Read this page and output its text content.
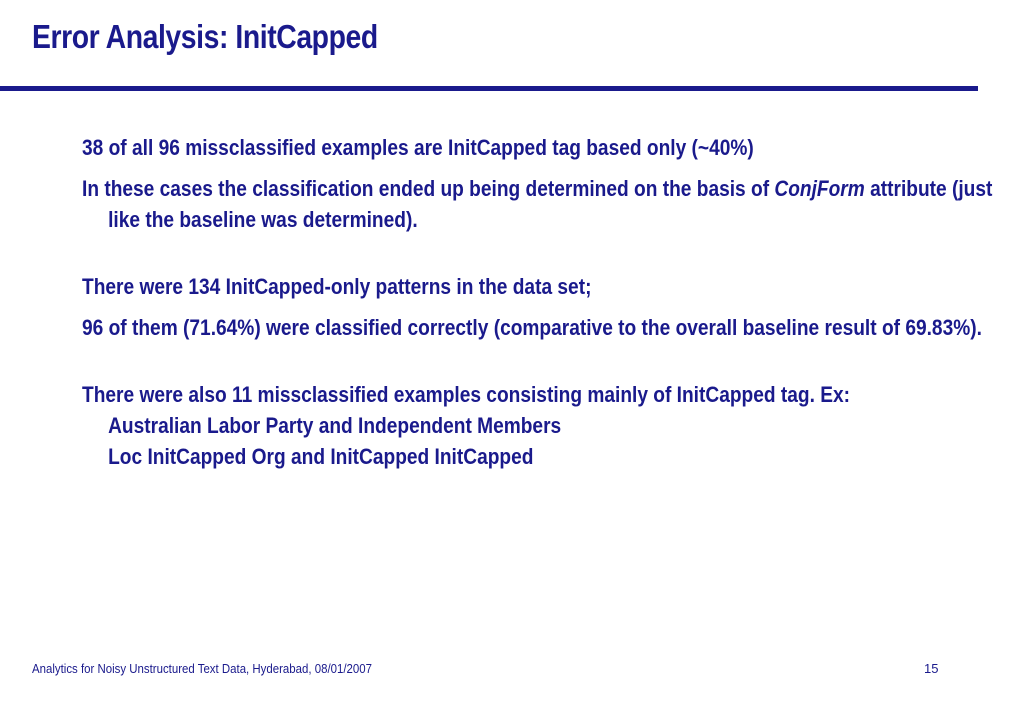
Error Analysis: InitCapped

38 of all 96 missclassified examples are InitCapped tag based only (~40%)

In these cases the classification ended up being determined on the basis of ConjForm attribute (just like the baseline was determined).

There were 134 InitCapped-only patterns in the data set;

96 of them (71.64%) were classified correctly (comparative to the overall baseline result of 69.83%).

There were also 11 missclassified examples consisting mainly of InitCapped tag. Ex:
Australian Labor Party and Independent Members
Loc InitCapped Org and InitCapped InitCapped

Analytics for Noisy Unstructured Text Data, Hyderabad, 08/01/2007	15
